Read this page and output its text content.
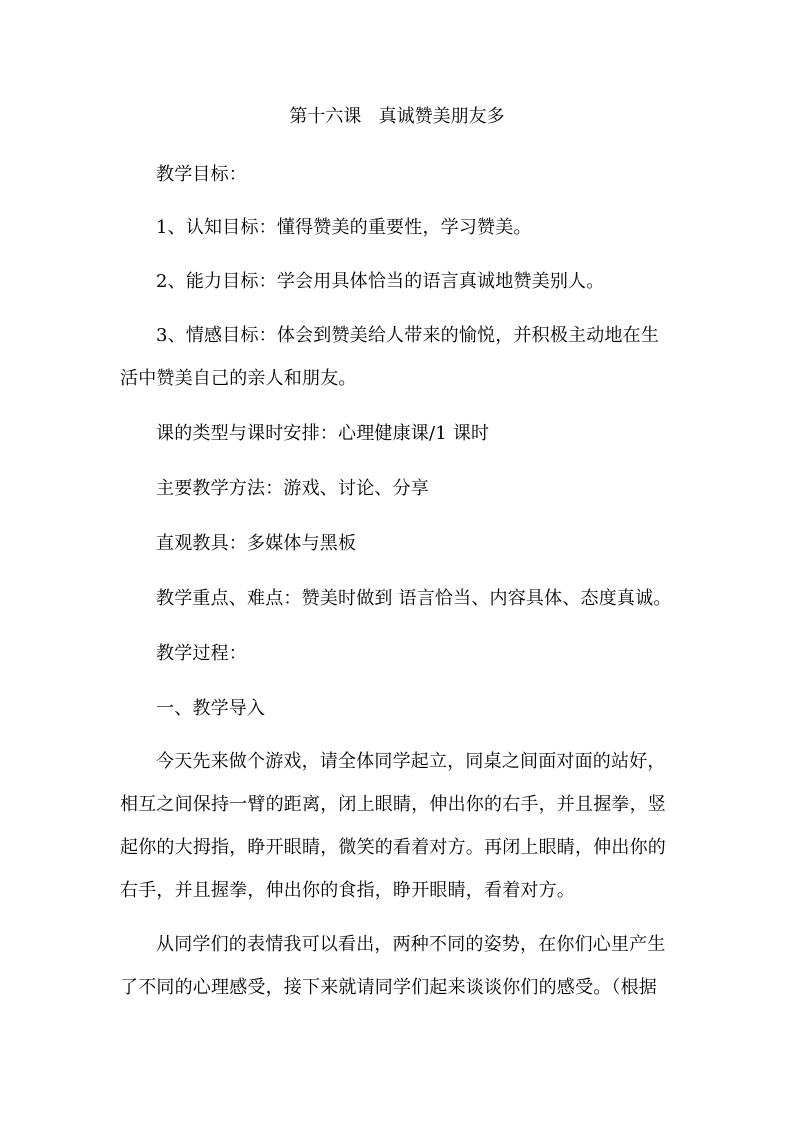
第十六课   真诚赞美朋友多
教学目标：
1、认知目标：懂得赞美的重要性，学习赞美。
2、能力目标：学会用具体恰当的语言真诚地赞美别人。
3、情感目标：体会到赞美给人带来的愉悦，并积极主动地在生
活中赞美自己的亲人和朋友。
课的类型与课时安排：心理健康课/1 课时
主要教学方法：游戏、讨论、分享
直观教具：多媒体与黑板
教学重点、难点：赞美时做到 语言恰当、内容具体、态度真诚。
教学过程：
一、教学导入
今天先来做个游戏，请全体同学起立，同桌之间面对面的站好，
相互之间保持一臂的距离，闭上眼睛，伸出你的右手，并且握拳，竖
起你的大拇指，睁开眼睛，微笑的看着对方。再闭上眼睛，伸出你的
右手，并且握拳，伸出你的食指，睁开眼睛，看着对方。
从同学们的表情我可以看出，两种不同的姿势，在你们心里产生
了不同的心理感受，接下来就请同学们起来谈谈你们的感受。（根据
